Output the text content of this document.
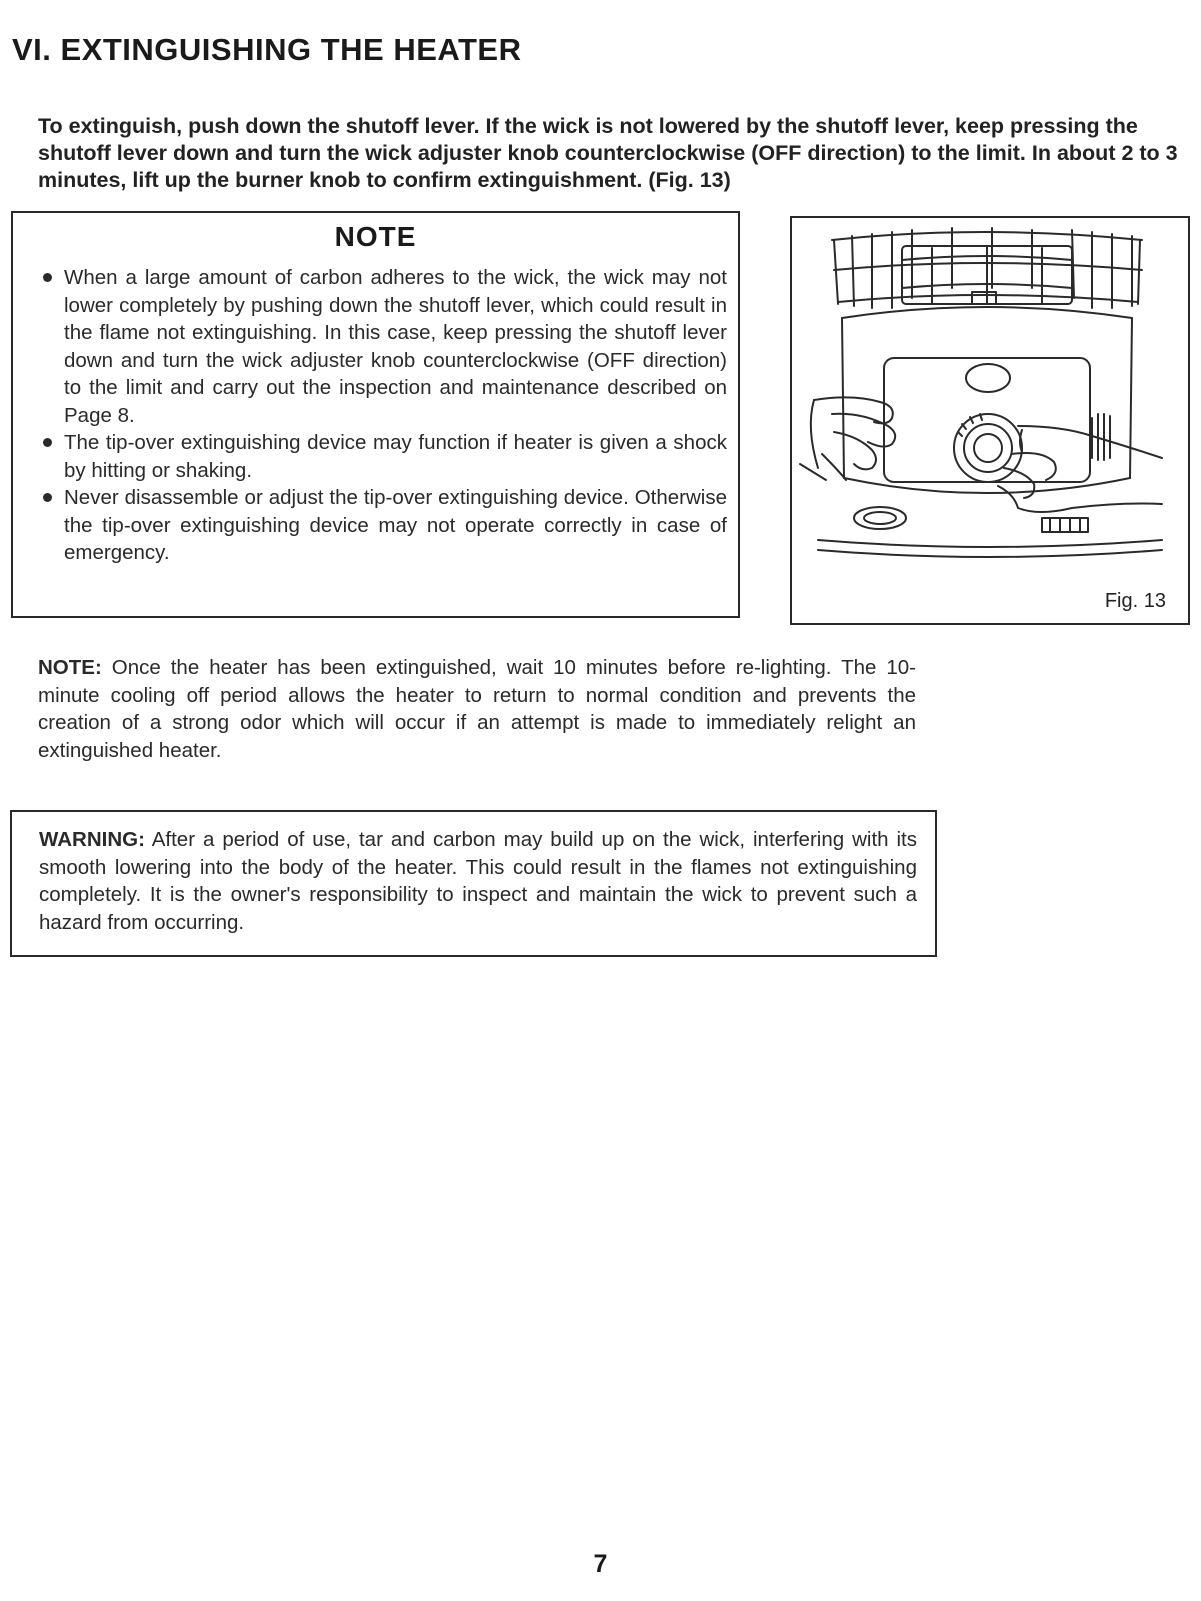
VI. EXTINGUISHING THE HEATER

To extinguish, push down the shutoff lever. If the wick is not lowered by the shutoff lever, keep pressing the shutoff lever down and turn the wick adjuster knob counterclockwise (OFF direction) to the limit. In about 2 to 3 minutes, lift up the burner knob to confirm extinguishment. (Fig. 13)

NOTE
When a large amount of carbon adheres to the wick, the wick may not lower completely by pushing down the shutoff lever, which could result in the flame not extinguishing. In this case, keep pressing the shutoff lever down and turn the wick adjuster knob counterclockwise (OFF direction) to the limit and carry out the inspection and maintenance described on Page 8.
The tip-over extinguishing device may function if heater is given a shock by hitting or shaking.
Never disassemble or adjust the tip-over extinguishing device. Otherwise the tip-over extinguishing device may not operate correctly in case of emergency.
Fig. 13

NOTE: Once the heater has been extinguished, wait 10 minutes before re-lighting. The 10-minute cooling off period allows the heater to return to normal condition and prevents the creation of a strong odor which will occur if an attempt is made to immediately relight an extinguished heater.

WARNING: After a period of use, tar and carbon may build up on the wick, interfering with its smooth lowering into the body of the heater. This could result in the flames not extinguishing completely. It is the owner's responsibility to inspect and maintain the wick to prevent such a hazard from occurring.

7
